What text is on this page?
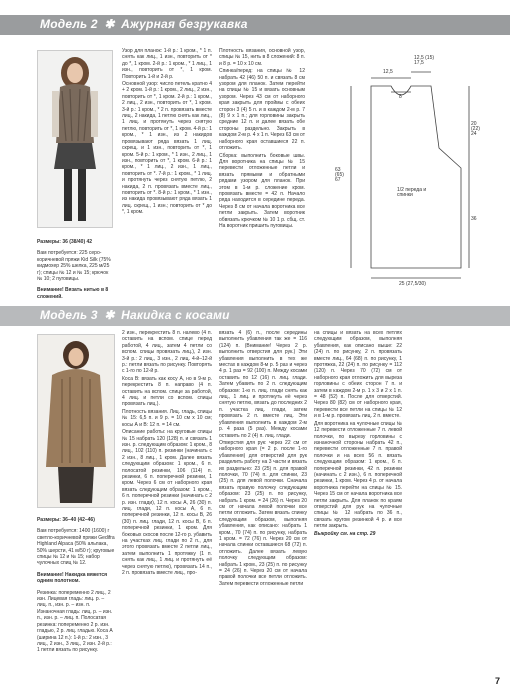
Модель 2 ✱ Ажурная безрукавка

Размеры: 36 (38/40) 42

Вам потребуется: 225 серо-коричневой пряжи Kid Silk (75% кидмохер 25% шелка, 225 м/25 г); спицы № 12 и № 15; крючок № 10; 2 пуговицы.

Внимание! Вязать нитью в 8 сложений.

Узор для планок: 1-й р.: 1 кром., * 1 п. снять как лиц., 1 изн., повторить от * до *, 1 кром. 2-й р.: 1 кром., * 1 лиц., 1 изн., повторить от *, 1 кром. Повторить 1-й и 2-й р.

Основной узор: число петель кратно 4 + 2 кром. 1-й р.: 1 кром., 2 лиц., 2 изн., повторить от *, 1 кром. 2-й р.: 1 кром., 2 лиц., 2 изн., повторить от *, 1 кром. 3-й р.: 1 кром., * 2 п. провязать вместе лиц., 2 накида, 1 петлю снять как лиц., 1 лиц. и протянуть через снятую петлю, повторить от *, 1 кром. 4-й р.: 1 кром., * 1 изн., из 2 накидов провязывают ряда вязать 1 лиц. скрещ. и 1 изн., повторить от *, 1 кром. 5-й р.: 1 кром., * 1 изн., 2 лиц., 1 изн., повторить от *, 1 кром. 6-й р.: 1 кром., * 1 лиц., 2 изн., 1 лиц., повторить от *. 7-й р.: 1 кром., * 1 лиц. и протянуть через снятую петлю, 2 накида, 2 п. провязать вместе лиц., повторить от *. 8-й р.: 1 кром., * 1 изн., из накида провязывают ряда вязать 1 лиц. скрещ., 1 изн.; повторить от * до *, 1 кром.

Плотность вязания, основной узор, спицы № 15, нить в 8 сложений: 8 п. и 8 р. = 10 x 10 см.

Спинка/перед: на спицы № 12 набрать 42 (46) 50 п. и связать 8 см узором для планок. Затем перейти на спицы № 15 и вязать основным узором. Через 43 см от наборного края закрыть для проймы с обеих сторон 3 (4) 5 п. и в каждом 2-м р. 7 (8) 9 х 1 п.; для горловины закрыть средние 12 п. и далее вязать обе стороны раздельно. Закрыть в каждом 2-м р. 4 х 1 п. Через 63 см от наборного края оставшиеся 22 п. отложить.

Сборка: выполнить боковые швы. Для воротника на спицы № 15 перевести отложенные петли и вязать прямыми и обратными рядами узором для планок. При этом в 1-м р. сложение кром. провязать вместе = 42 п. Начало ряда находится в середине переда. Через 8 см от начала воротника все петли закрыть. Затем воротник обвязать крючком № 10 1 р. сбщ. ст. На воротник пришить пуговицы.

12,5
12,5 (15) 17,5
8
20 (22) 24
36
63 (65) 67
1/2 переда и спинки
25 (27,5/30)
Модель 3 ✱ Накидка с косами

Размеры: 36–40 (42–46)

Вам потребуется: 1400 (1600) г светло-коричневой пряжи Gedifra Highland Alpaca (50% альпака, 50% шерсти, 41 м/50 г); круговые спицы № 12 и № 15; набор чулочных спиц № 12.

Внимание! Накидка вяжется одним полотном.

Резинка: попеременно 2 лиц., 2 изн. Лицевая гладь: лиц. р. – лиц. п., изн. р. – изн. п. Изнаночная гладь: лиц. р. – изн. п., изн. р. – лиц. п. Полосатая резинка: попеременно 2 р. изн. гладью, 2 р. лиц. гладью. Коса А (ширина 12 п.): 1-й р.: 2 изн., 3 лиц., 2 изн., 3 лиц., 2 изн. 2-й р.: 1 петли вязать по рисунку.

2 изн., перекрестить 8 п. налево (4 п. оставить на вспом. спице перед работой, 4 лиц., затем 4 петли со вспом. спицы провязать лиц.), 2 изн. 3-й р.: 2 лиц., 3 изн., 2 лиц. 4-й–12-й р.: петли вязать по рисунку. Повторять с 1-го по 12-й р.

Коса В: вязать как косу А, но в 9-м р. перекрестить 8 п. направо (4 п. оставить на вспом. спице за работой, 4 лиц. и петли со вспом. спицы провязать лиц.).

Плотность вязания. Лиц. гладь, спицы № 15: 6,5 п. и 9 р. = 10 см x 10 см; косы А и В: 12 п. = 14 см.

Описание работы: на круговые спицы № 15 набрать 120 (128) п. и связать 1 изн. р. следующим образом: 1 кром., 8 лиц., 102 (110) п. резинки (начинать с 2 изн., 8 лиц., 1 кром. Далее вязать следующим образом: 1 кром., 6 п. полосатой резинки, 106 (114) п. резинки, 6 п. поперечной резинки, 1 кром. Через 6 см от наборного края вязать следующим образом: 1 кром., 6 п. поперечной резинки (начинать с 2 р. изн. глади), 12 п. косы А, 26 (30) п. лиц. глади, 12 п. косы А, 6 п. поперечной резинки, 12 п. косы В, 26 (30) п. лиц. глади, 12 п. косы В, 6 п. поперечной резинки, 1 кром. Для боковых скосов после 12-го р. убавить на участках лиц. глади по 2 п., для этого провязать вместе 2 петли лиц., затем выполнить 1 протяжку (1 п. снять как лиц., 1 лиц. и протянуть её через снятую петлю), провязать 14 п., 2 п. провязать вместе лиц., про-

вязать 4 (6) п., после середины выполнить убавления так же = 116 (124) п. (Внимание! Через 2 р. выполнить отверстия для рук.) Эти убавления выполнить в тех же местах в каждом 8-м р. 5 раз и через 4 р. 1 раз = 92 (100) п. Между косами оставить по 12 (16) п. лиц. глади. Затем убавить по 2 п. следующим образом: 1-ю п. лиц. глади снять как лиц., 1 лиц. и протянуть её через снятую петлю, вязать до последних 2 п. участка лиц. глади, затем провязать 2 п. вместе лиц. Эти убавления выполнить в каждом 2-м р. 4 раза (5 раз). Между косами оставить по 2 (4) п. лиц. глади.

Отверстия для рук: через 22 см от наборного края (= 2 р. после 1-го убавления) для отверстий для рук разделить работу на 3 части и вязать их раздельно: 23 (25) п. для правой полочки, 70 (74) п. для спинки, 23 (25) п. для левой полочки. Сначала вязать правую полочку следующим образом: 23 (25) п. по рисунку, набрать 1 кром. = 24 (26) п. Через 20 см от начала левой полочки все петли отложить. Затем вязать спинку следующим образом, выполняя убавления, как описано: набрать 1 кром., 70 (74) п. по рисунку, набрать 1 кром. = 72 (76) п. Через 20 см от начала спинки оставшиеся 68 (72) п. отложить. Далее вязать левую полочку следующим образом: набрать 1 кром., 23 (25) п. по рисунку = 24 (26) п. Через 20 см от начала правой полочки все петли отложить. Затем перевести отложенные петли

на спицы и вязать на всех петлях следующим образом, выполняя убавления, как описано выше: 22 (24) п. по рисунку, 2 п. провязать вместе лиц., 64 (68) п. по рисунку, 1 протяжка, 22 (24) п. по рисунку = 112 (120) п. Через 70 (72) см от наборного края отложить для выреза горловины с обеих сторон 7 п. и затем в каждом 2-м р. 1 х 3 и 2 х 1 п. = 48 (52) п. После для отверстий. Через 80 (82) см от наборного края, перевести все петли на спицы № 12 и в 1-м р. провязать лиц. 2 п. вместе.

Для воротника на чулочные спицы № 12 перевести отложенные 7 п. левой полочки, по вырезу горловины с изнаночной стороны набрать 42 п., перевести отложенные 7 п. правой полочки и на всех 56 п. вязать следующим образом: 1 кром., 6 п. поперечной резинки, 42 п. резинки (начинать с 2 изн.), 6 п. поперечной резинки, 1 кром. Через 4 р. от начала воротника перейти на спицы № 15. Через 15 см от начала воротника все петли закрыть. Для планок по краям отверстий для рук на чулочные спицы № 12 набрать по 36 п., связать кругом резинкой 4 р. и все петли закрыть.

Выкройку см. на стр. 29

7
